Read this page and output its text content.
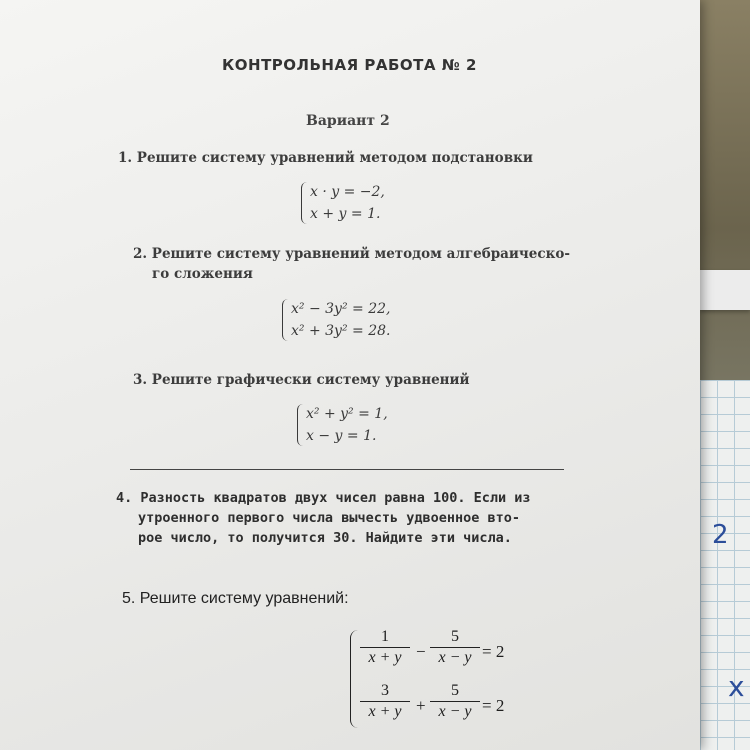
2
x
КОНТРОЛЬНАЯ РАБОТА № 2
Вариант 2
1. Решите систему уравнений методом подстановки
x · y = −2,
x + y = 1.
2. Решите систему уравнений методом алгебраическо-
го сложения
x² − 3y² = 22,
x² + 3y² = 28.
3. Решите графически систему уравнений
x² + y² = 1,
x − y = 1.
4. Разность квадратов двух чисел равна 100. Если из
утроенного первого числа вычесть удвоенное вто-
рое число, то получится 30. Найдите эти числа.
5. Решите систему уравнений:
$\frac{1}{x + y} - \frac{5}{x - y} = 2$
$\frac{3}{x + y} + \frac{5}{x - y} = 2$
